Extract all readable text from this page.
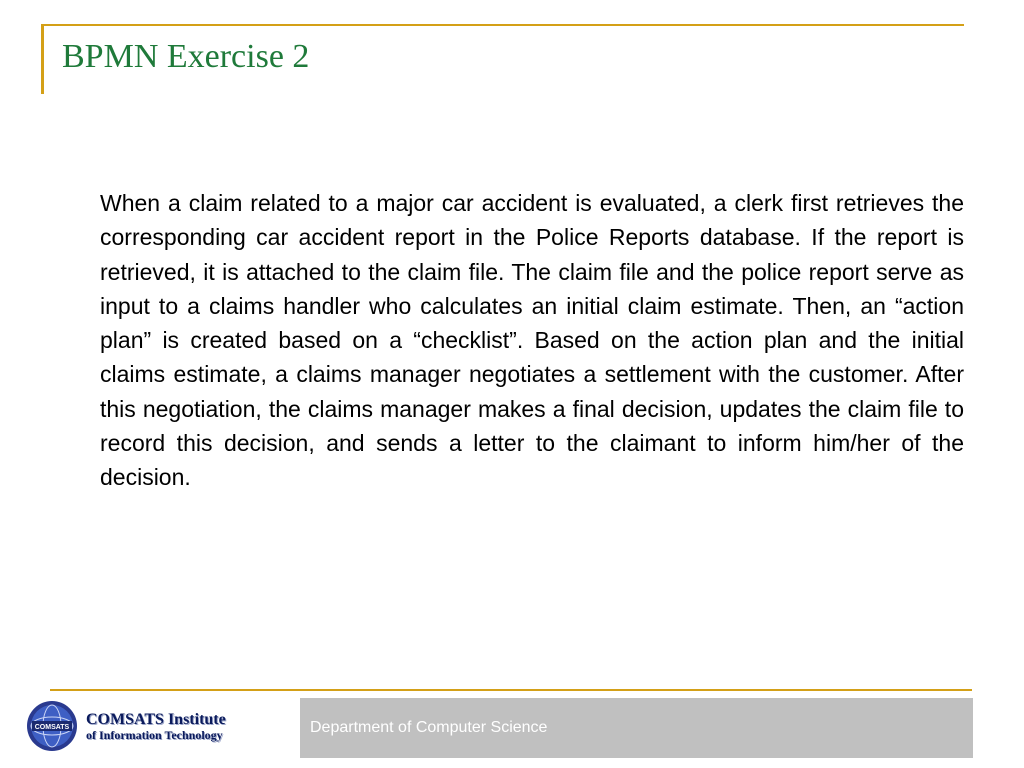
BPMN Exercise 2

When a claim related to a major car accident is evaluated, a clerk first retrieves the corresponding car accident report in the Police Reports database. If the report is retrieved, it is attached to the claim file. The claim file and the police report serve as input to a claims handler who calculates an initial claim estimate. Then, an “action plan” is created based on a “checklist”. Based on the action plan and the initial claims estimate, a claims manager negotiates a settlement with the customer. After this negotiation, the claims manager makes a final decision, updates the claim file to record this decision, and sends a letter to the claimant to inform him/her of the decision.

COMSATS COMSATS Institute
of Information Technology	Department of Computer Science
